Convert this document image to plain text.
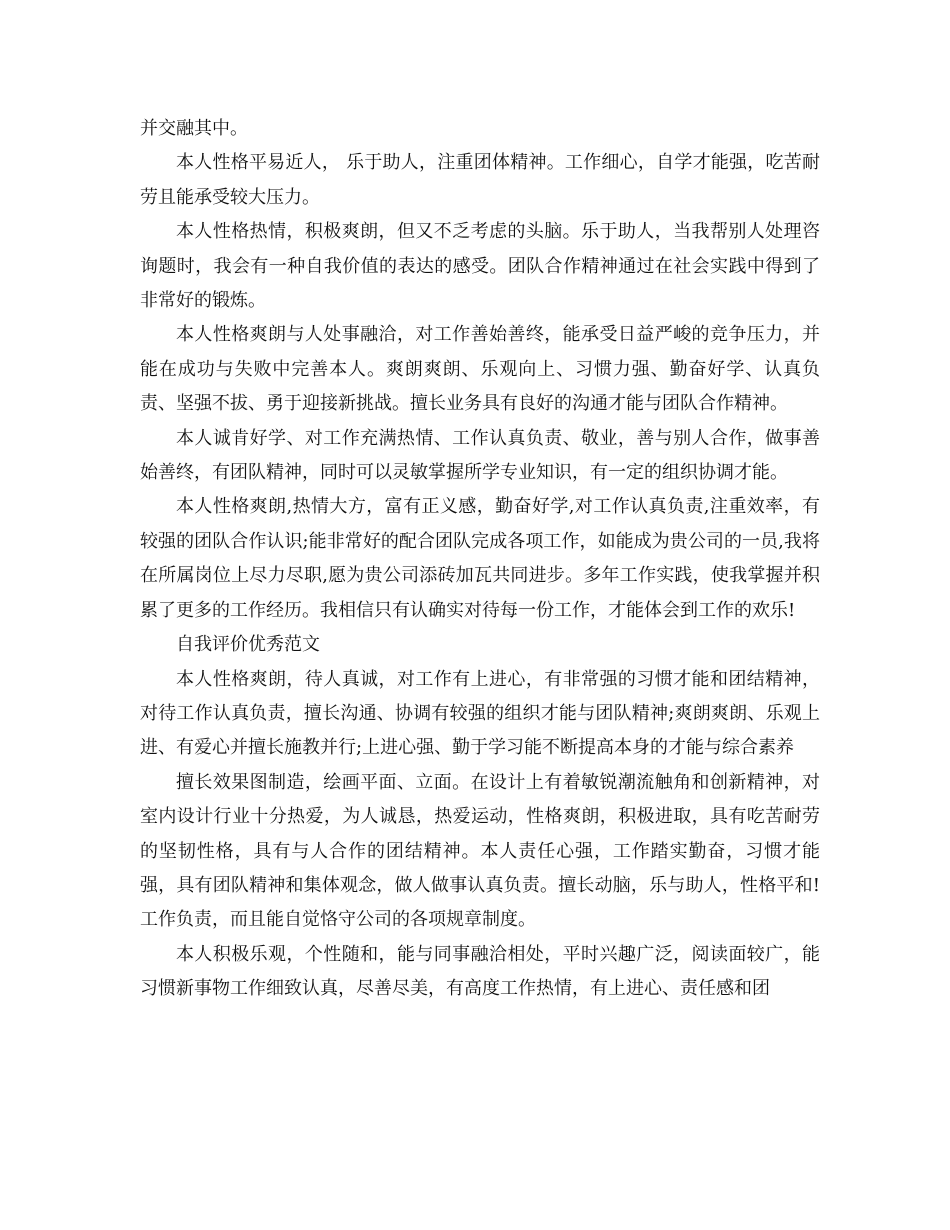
并交融其中。

本人性格平易近人， 乐于助人，注重团体精神。工作细心，自学才能强，吃苦耐劳且能承受较大压力。

本人性格热情，积极爽朗，但又不乏考虑的头脑。乐于助人，当我帮别人处理咨询题时，我会有一种自我价值的表达的感受。团队合作精神通过在社会实践中得到了非常好的锻炼。

本人性格爽朗与人处事融洽，对工作善始善终，能承受日益严峻的竞争压力，并能在成功与失败中完善本人。爽朗爽朗、乐观向上、习惯力强、勤奋好学、认真负责、坚强不拔、勇于迎接新挑战。擅长业务具有良好的沟通才能与团队合作精神。

本人诚肯好学、对工作充满热情、工作认真负责、敬业，善与别人合作，做事善始善终，有团队精神，同时可以灵敏掌握所学专业知识，有一定的组织协调才能。

本人性格爽朗,热情大方，富有正义感，勤奋好学,对工作认真负责,注重效率，有较强的团队合作认识;能非常好的配合团队完成各项工作，如能成为贵公司的一员,我将在所属岗位上尽力尽职,愿为贵公司添砖加瓦共同进步。多年工作实践，使我掌握并积累了更多的工作经历。我相信只有认确实对待每一份工作，才能体会到工作的欢乐!

自我评价优秀范文

本人性格爽朗，待人真诚，对工作有上进心，有非常强的习惯才能和团结精神，对待工作认真负责，擅长沟通、协调有较强的组织才能与团队精神;爽朗爽朗、乐观上进、有爱心并擅长施教并行;上进心强、勤于学习能不断提高本身的才能与综合素养

擅长效果图制造，绘画平面、立面。在设计上有着敏锐潮流触角和创新精神，对室内设计行业十分热爱，为人诚恳，热爱运动，性格爽朗，积极进取，具有吃苦耐劳的坚韧性格，具有与人合作的团结精神。本人责任心强，工作踏实勤奋，习惯才能强，具有团队精神和集体观念，做人做事认真负责。擅长动脑，乐与助人，性格平和!工作负责，而且能自觉恪守公司的各项规章制度。

本人积极乐观，个性随和，能与同事融洽相处，平时兴趣广泛，阅读面较广，能习惯新事物工作细致认真，尽善尽美，有高度工作热情，有上进心、责任感和团
